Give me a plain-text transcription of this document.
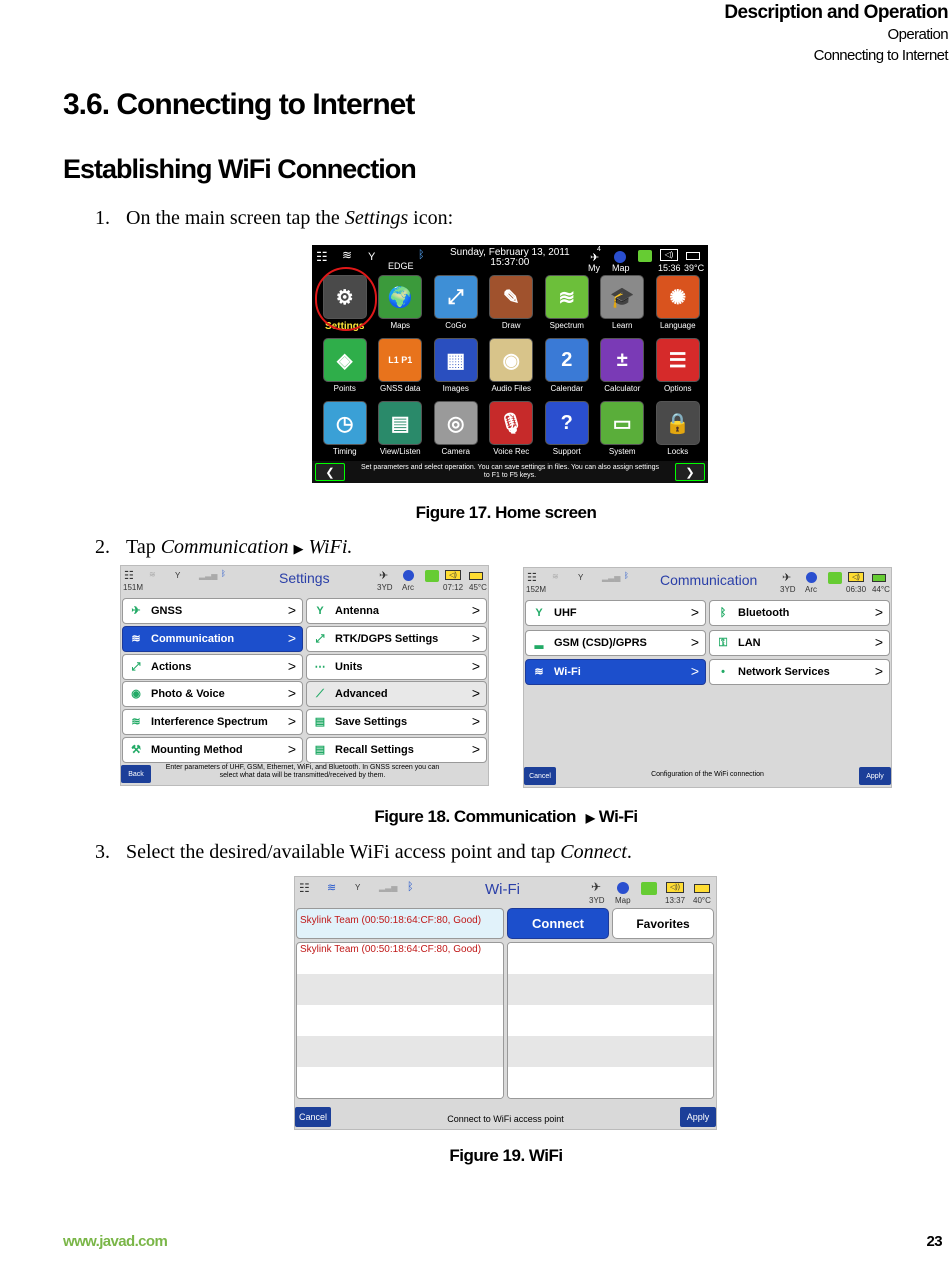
Description and Operation
Operation
Connecting to Internet
3.6. Connecting to Internet
Establishing WiFi Connection
1. On the main screen tap the Settings icon:
☷ ≋ Y
EDGE
ᛒ	Sunday, February 13, 2011
15:37:00
4
✈
My Map
◁)
15:36 39°C
⚙
Settings
🌍
Maps
⤢
CoGo
✎
Draw
≋
Spectrum
🎓
Learn
✺
Language
◈
Points
L1 P1
GNSS data
▦
Images
◉
Audio Files
2
Calendar
±
Calculator
☰
Options
◷
Timing
▤
View/Listen
◎
Camera
🎙
Voice Rec
?
Support
▭
System
🔒
Locks
Set parameters and select operation. You can save settings in files. You can also assign settings to F1 to F5 keys.
❮	❯
Figure 17. Home screen
2. Tap Communication ▶ WiFi.
☷
151M
≋ Y ▂▃▅ ᛒ	Settings	✈
3YD Arc
◁)
07:12 45°C
✈ GNSS	>
≋ Communication	>
⤢ Actions	>
◉ Photo & Voice	>
≋ Interference Spectrum >
⚒ Mounting Method	>
Y	Antenna	>
⤢ RTK/DGPS Settings >
⋯ Units	>
⟋ Advanced	>
▤ Save Settings	>
▤ Recall Settings	>
Enter parameters of UHF, GSM, Ethernet, WiFi, and Bluetooth. In GNSS screen you can select what data will be transmitted/received by them.
Back
☷
152M
≋ Y ▂▃▅ ᛒ Communication ✈
3YD Arc
◁)
06:30 44°C
Y	UHF	>
▂ GSM (CSD)/GPRS	>
≋ Wi-Fi	>
ᛒ	Bluetooth	>
⚿ LAN	>
•	Network Services	>
Configuration of the WiFi connection
Cancel	Apply
Figure 18. Communication   ▶ Wi-Fi
3. Select the desired/available WiFi access point and tap Connect.
☷ ≋ Y ▂▃▅ ᛒ	Wi-Fi	✈
3YD Map
◁))
13:37 40°C
Skylink Team (00:50:18:64:CF:80, Good)	Connect	Favorites
Skylink Team (00:50:18:64:CF:80, Good)
Connect to WiFi access point
Cancel	Apply
Figure 19. WiFi
www.javad.com	23
